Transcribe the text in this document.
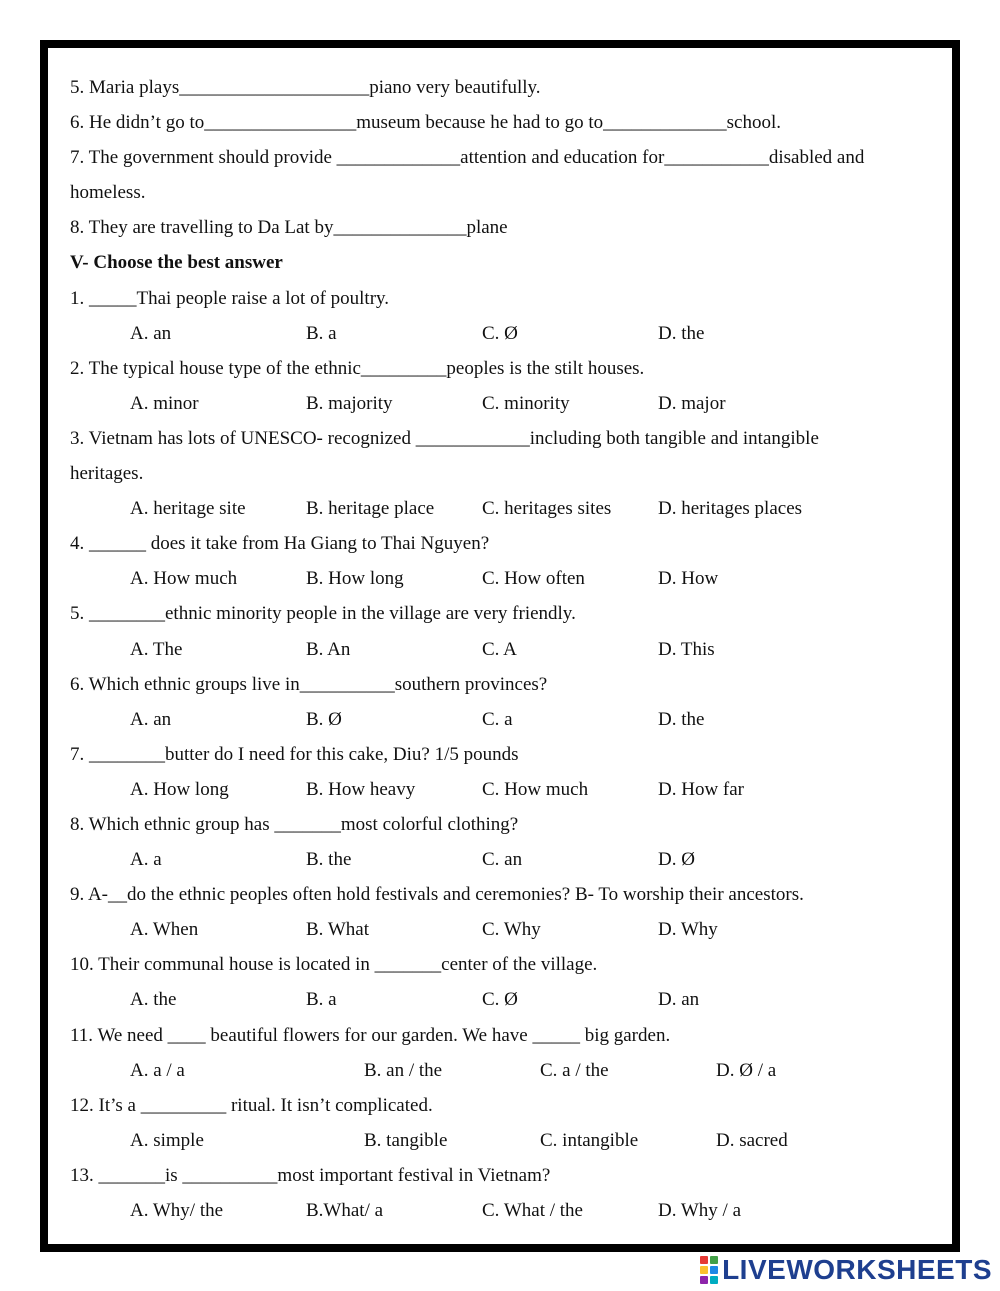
5. Maria plays____________________piano very beautifully.
6. He didn’t go to________________museum because he had to go to_____________school.
7. The government should provide _____________attention and education for___________disabled and
homeless.
8. They are travelling to Da Lat by______________plane
V- Choose the best answer
1. _____Thai people raise a lot of poultry.
A. an	B. a	C. Ø	D. the
2. The typical house type of the ethnic_________peoples is the stilt houses.
A. minor	B. majority	C. minority	D. major
3. Vietnam has lots of UNESCO- recognized ____________including both tangible and intangible
heritages.
A. heritage site	B. heritage place	C. heritages sites D. heritages places
4. ______ does it take from Ha Giang to Thai Nguyen?
A. How much	B. How long	C. How often	D. How
5. ________ethnic minority people in the village are very friendly.
A. The	B. An	C. A	D. This
6. Which ethnic groups live in__________southern provinces?
A. an	B. Ø	C. a	D. the
7. ________butter do I need for this cake, Diu? 1/5 pounds
A. How long	B. How heavy	C. How much	D. How far
8. Which ethnic group has _______most colorful clothing?
A. a	B. the	C. an	D. Ø
9. A-__do the ethnic peoples often hold festivals and ceremonies? B- To worship their ancestors.
A. When	B. What	C. Why	D. Why
10. Their communal house is located in _______center of the village.
A. the	B. a	C. Ø	D. an
11. We need ____ beautiful flowers for our garden. We have _____ big garden.
A. a / a	B. an / the	C. a / the	D. Ø / a
12. It’s a _________ ritual. It isn’t complicated.
A. simple	B. tangible	C. intangible	D. sacred
13. _______is __________most important festival in Vietnam?
A. Why/ the	B.What/ a	C. What / the	D. Why / a
LIVEWORKSHEETS
